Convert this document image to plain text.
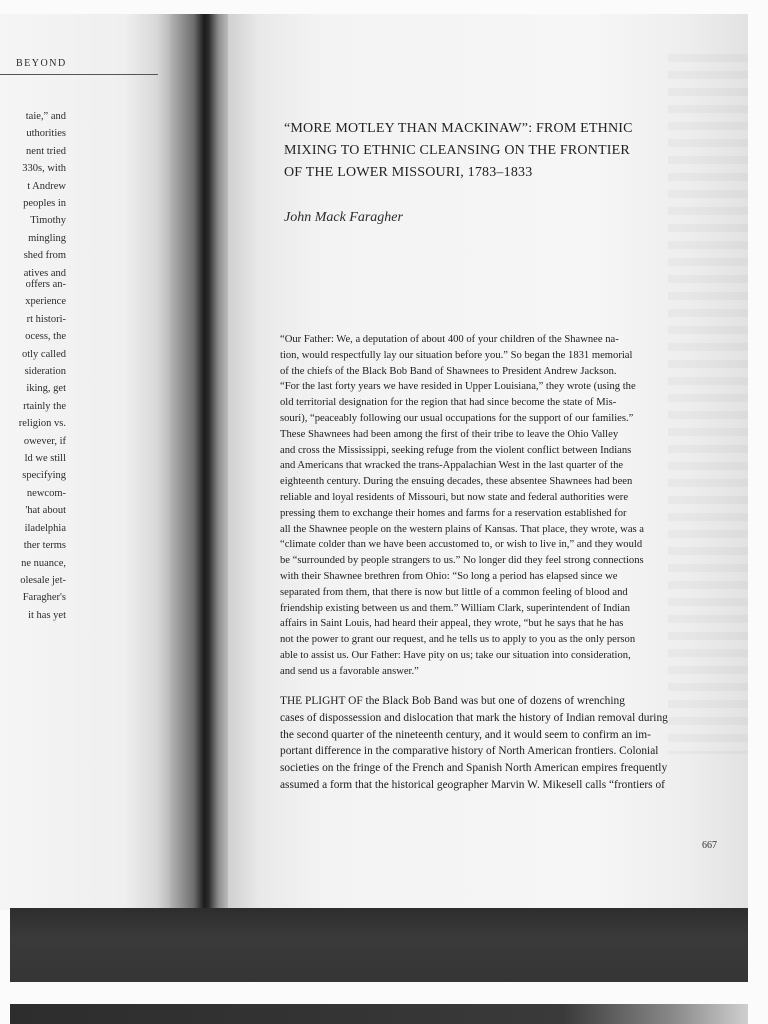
BEYOND
taie,” and
uthorities
nent tried
330s, with
t Andrew
peoples in
Timothy
mingling
shed from
atives and
offers an-
xperience
rt histori-
ocess, the
otly called
sideration
iking, get
rtainly the
religion vs.
owever, if
ld we still
specifying
newcom-
'hat about
iladelphia
ther terms
ne nuance,
olesale jet-
Faragher's
it has yet
“MORE MOTLEY THAN MACKINAW”: FROM ETHNIC
MIXING TO ETHNIC CLEANSING ON THE FRONTIER
OF THE LOWER MISSOURI, 1783–1833
John Mack Faragher
“Our Father: We, a deputation of about 400 of your children of the Shawnee na-
tion, would respectfully lay our situation before you.” So began the 1831 memorial
of the chiefs of the Black Bob Band of Shawnees to President Andrew Jackson.
“For the last forty years we have resided in Upper Louisiana,” they wrote (using the
old territorial designation for the region that had since become the state of Mis-
souri), “peaceably following our usual occupations for the support of our families.”
These Shawnees had been among the first of their tribe to leave the Ohio Valley
and cross the Mississippi, seeking refuge from the violent conflict between Indians
and Americans that wracked the trans-Appalachian West in the last quarter of the
eighteenth century. During the ensuing decades, these absentee Shawnees had been
reliable and loyal residents of Missouri, but now state and federal authorities were
pressing them to exchange their homes and farms for a reservation established for
all the Shawnee people on the western plains of Kansas. That place, they wrote, was a
“climate colder than we have been accustomed to, or wish to live in,” and they would
be “surrounded by people strangers to us.” No longer did they feel strong connections
with their Shawnee brethren from Ohio: “So long a period has elapsed since we
separated from them, that there is now but little of a common feeling of blood and
friendship existing between us and them.” William Clark, superintendent of Indian
affairs in Saint Louis, had heard their appeal, they wrote, “but he says that he has
not the power to grant our request, and he tells us to apply to you as the only person
able to assist us. Our Father: Have pity on us; take our situation into consideration,
and send us a favorable answer.”
THE PLIGHT OF the Black Bob Band was but one of dozens of wrenching
cases of dispossession and dislocation that mark the history of Indian removal during
the second quarter of the nineteenth century, and it would seem to confirm an im-
portant difference in the comparative history of North American frontiers. Colonial
societies on the fringe of the French and Spanish North American empires frequently
assumed a form that the historical geographer Marvin W. Mikesell calls “frontiers of
667
